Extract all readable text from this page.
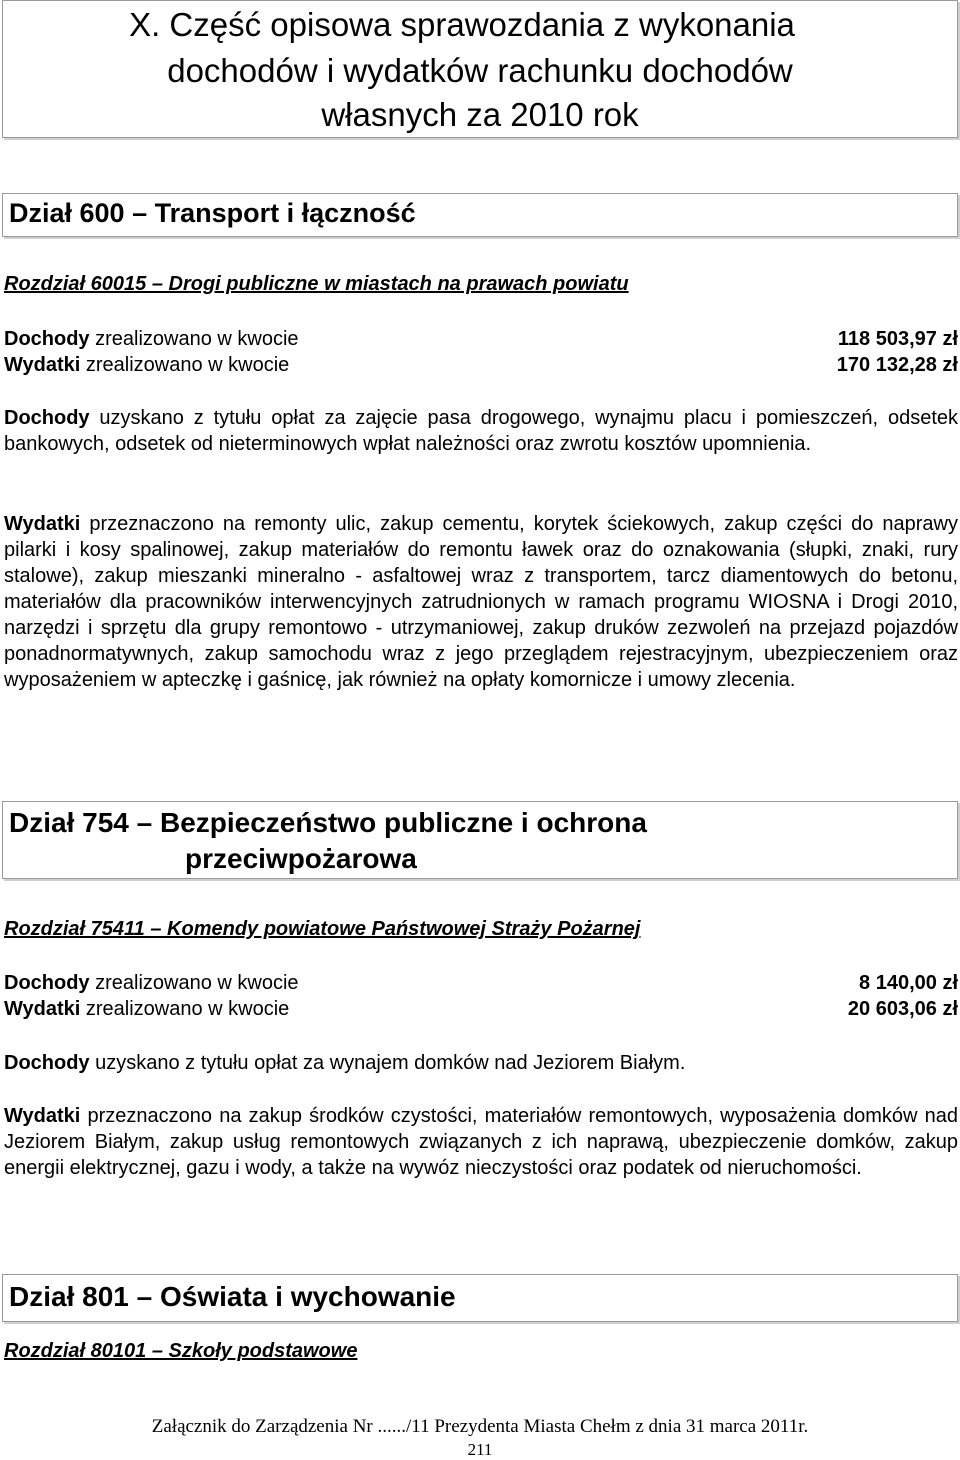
X. Część opisowa sprawozdania z wykonania
dochodów i wydatków rachunku dochodów
własnych za 2010 rok
Dział 600 – Transport i łączność
Rozdział 60015 – Drogi publiczne w miastach na prawach powiatu
Dochody zrealizowano w kwocie	118 503,97 zł
Wydatki zrealizowano w kwocie	170 132,28 zł

Dochody uzyskano z tytułu opłat za zajęcie pasa drogowego, wynajmu placu i pomieszczeń, odsetek bankowych, odsetek od nieterminowych wpłat należności oraz zwrotu kosztów upomnienia.

Wydatki przeznaczono na remonty ulic, zakup cementu, korytek ściekowych, zakup części do naprawy pilarki i kosy spalinowej, zakup materiałów do remontu ławek oraz do oznakowania (słupki, znaki, rury stalowe), zakup mieszanki mineralno - asfaltowej wraz z transportem, tarcz diamentowych do betonu, materiałów dla pracowników interwencyjnych zatrudnionych w ramach programu WIOSNA i Drogi 2010, narzędzi i sprzętu dla grupy remontowo - utrzymaniowej, zakup druków zezwoleń na przejazd pojazdów ponadnormatywnych, zakup samochodu wraz z jego przeglądem rejestracyjnym, ubezpieczeniem oraz wyposażeniem w apteczkę i gaśnicę, jak również na opłaty komornicze i umowy zlecenia.

Dział 754 – Bezpieczeństwo publiczne i ochrona
przeciwpożarowa
Rozdział 75411 – Komendy powiatowe Państwowej Straży Pożarnej
Dochody zrealizowano w kwocie	8 140,00 zł
Wydatki zrealizowano w kwocie	20 603,06 zł

Dochody uzyskano z tytułu opłat za wynajem domków nad Jeziorem Białym.

Wydatki przeznaczono na zakup środków czystości, materiałów remontowych, wyposażenia domków nad Jeziorem Białym, zakup usług remontowych związanych z ich naprawą, ubezpieczenie domków, zakup energii elektrycznej, gazu i wody, a także na wywóz nieczystości oraz podatek od nieruchomości.

Dział 801 – Oświata i wychowanie
Rozdział 80101 – Szkoły podstawowe
Załącznik do Zarządzenia Nr ....../11 Prezydenta Miasta Chełm z dnia 31 marca 2011r.
211
